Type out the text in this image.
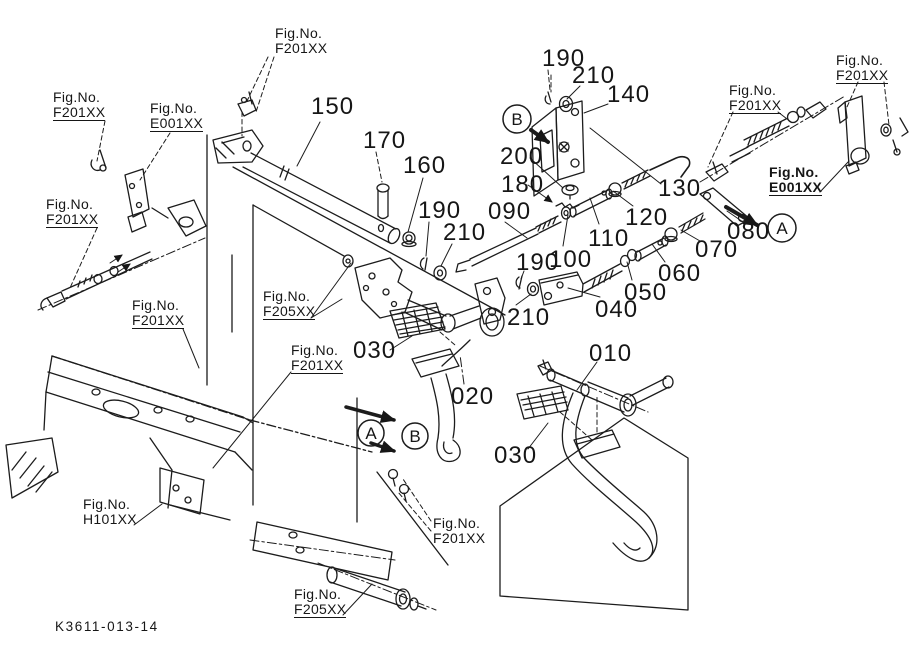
B
A
A B
150
170
160
190
210
190
210
140
200
180
090
130
120
110
100
190
210
070
080
060
050
040
030
020
010
030
Fig.No.
F201XX	Fig.No.
E001XX
Fig.No.
F201XX
Fig.No.
F201XX
Fig.No.
F201XX
Fig.No.
F205XX
Fig.No.
F201XX
Fig.No.
F201XX
Fig.No.
F201XX
Fig.No.
E001XX
Fig.No.
H101XX
Fig.No.
F205XX
Fig.No.
F201XX
K3611-013-14
